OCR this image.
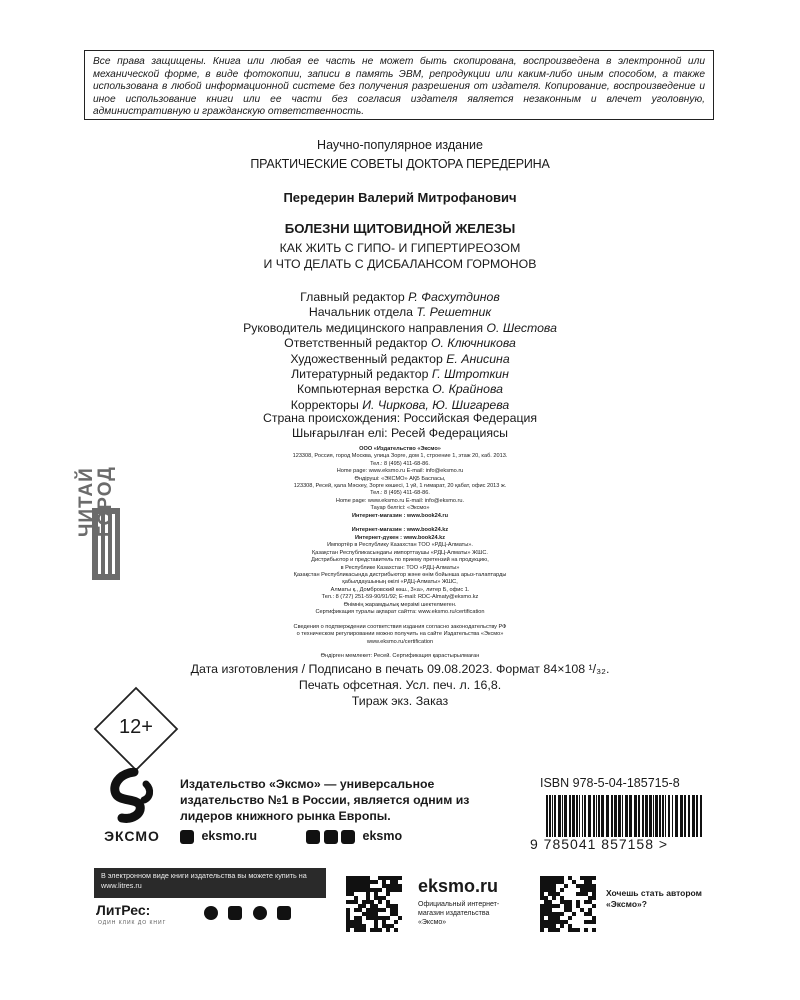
Все права защищены. Книга или любая ее часть не может быть скопирована, воспроизведена в электронной или механической форме, в виде фотокопии, записи в память ЭВМ, репродукции или каким-либо иным способом, а также использована в любой информационной системе без получения разрешения от издателя. Копирование, воспроизведение и иное использование книги или ее части без согласия издателя является незаконным и влечет уголовную, административную и гражданскую ответственность.
Научно-популярное издание
ПРАКТИЧЕСКИЕ СОВЕТЫ ДОКТОРА ПЕРЕДЕРИНА
Передерин Валерий Митрофанович
БОЛЕЗНИ ЩИТОВИДНОЙ ЖЕЛЕЗЫ
КАК ЖИТЬ С ГИПО- И ГИПЕРТИРЕОЗОМ
И ЧТО ДЕЛАТЬ С ДИСБАЛАНСОМ ГОРМОНОВ
Главный редактор Р. Фасхутдинов
Начальник отдела Т. Решетник
Руководитель медицинского направления О. Шестова
Ответственный редактор О. Ключникова
Художественный редактор Е. Анисина
Литературный редактор Г. Штроткин
Компьютерная верстка О. Крайнова
Корректоры И. Чиркова, Ю. Шигарева
Страна происхождения: Российская Федерация
Шығарылған елі: Ресей Федерациясы
ООО «Издательство «Эксмо»
123308, Россия, город Москва, улица Зорге, дом 1, строение 1, этаж 20, каб. 2013.
Тел.: 8 (495) 411-68-86.
Home page: www.eksmo.ru E-mail: info@eksmo.ru
Өндіруші: «ЭКСМО» АҚБ Баспасы,
123308, Ресей, қала Мәскеу, Зорге көшесі, 1 үй, 1 ғимарат, 20 қабат, офис 2013 ж.
Тел.: 8 (495) 411-68-86.
Home page: www.eksmo.ru E-mail: info@eksmo.ru.
Тауар белгісі: «Эксмо»
Интернет-магазин : www.book24.ru

Интернет-магазин : www.book24.kz
Интернет-дүкен : www.book24.kz
Импортёр в Республику Казахстан ТОО «РДЦ-Алматы».
Қазақстан Республикасындағы импорттаушы «РДЦ-Алматы» ЖШС.
Дистрибьютор и представитель по приему претензий на продукцию,
в Республике Казахстан: ТОО «РДЦ-Алматы»
Қазақстан Республикасында дистрибьютор және өнім бойынша арыз-талаптарды
қабылдаушының өкілі «РДЦ-Алматы» ЖШС,
Алматы қ., Домбровский көш., 3«а», литер Б, офис 1.
Тел.: 8 (727) 251-59-90/91/92; E-mail: RDC-Almaty@eksmo.kz
Өнімнің жарамдылық мерзімі шектелмеген.
Сертификация туралы ақпарат сайтта: www.eksmo.ru/certification

Сведения о подтверждении соответствия издания согласно законодательству РФ
о техническом регулировании можно получить на сайте Издательства «Эксмо»
www.eksmo.ru/certification

Өндірген мемлекет: Ресей. Сертификация қарастырылмаған
ЧИТАЙ
ГОРОД
Дата изготовления / Подписано в печать 09.08.2023. Формат 84×108 ¹/₃₂.
Печать офсетная. Усл. печ. л. 16,8.
Тираж экз. Заказ
12+
ЭКСМО
Издательство «Эксмо» — универсальное издательство №1 в России, является одним из лидеров книжного рынка Европы.
eksmo.ru	eksmo
ISBN 978-5-04-185715-8
9 785041 857158 >
В электронном виде книги издательства вы можете купить на www.litres.ru
ЛитРес:
ОДИН КЛИК ДО КНИГ

eksmo.ru
Официальный интернет-магазин издательства «Эксмо»
Хочешь стать автором «Эксмо»?
